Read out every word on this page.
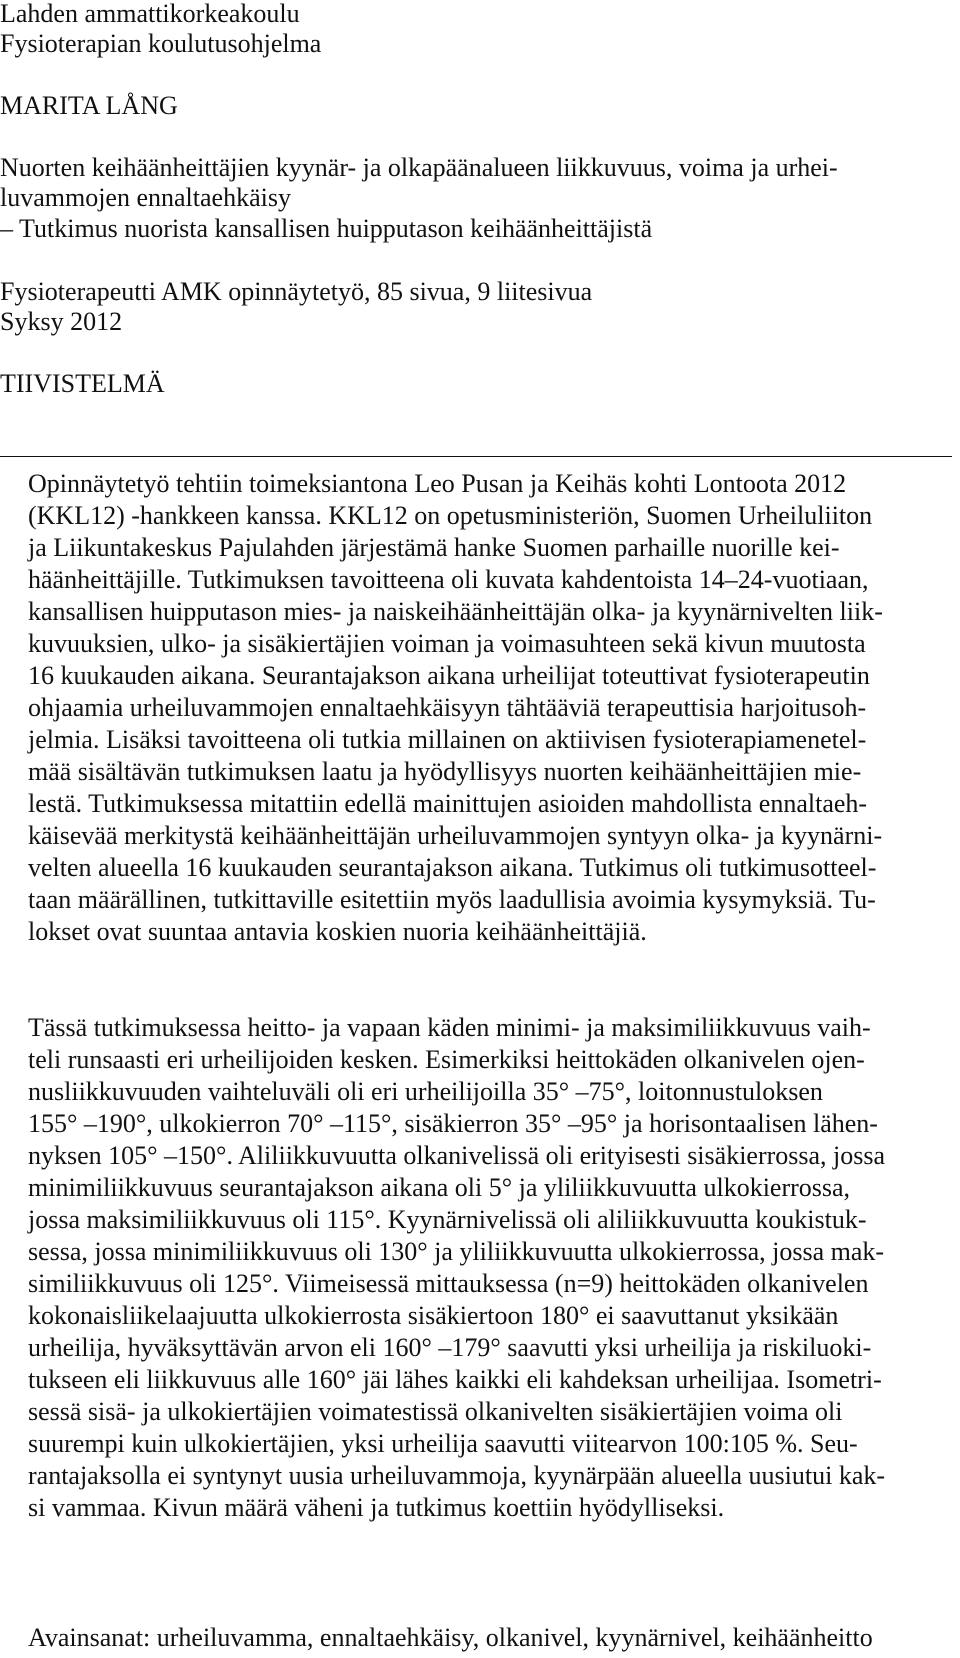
Lahden ammattikorkeakoulu
Fysioterapian koulutusohjelma
MARITA LÅNG
Nuorten keihäänheittäjien kyynär- ja olkapäänalueen liikkuvuus, voima ja urhei-
luvammojen ennaltaehkäisy
– Tutkimus nuorista kansallisen huipputason keihäänheittäjistä
Fysioterapeutti AMK opinnäytetyö, 85 sivua, 9 liitesivua
Syksy 2012
TIIVISTELMÄ
Opinnäytetyö tehtiin toimeksiantona Leo Pusan ja Keihäs kohti Lontoota 2012
(KKL12) -hankkeen kanssa. KKL12 on opetusministeriön, Suomen Urheiluliiton
ja Liikuntakeskus Pajulahden järjestämä hanke Suomen parhaille nuorille kei-
häänheittäjille. Tutkimuksen tavoitteena oli kuvata kahdentoista 14–24-vuotiaan,
kansallisen huipputason mies- ja naiskeihäänheittäjän olka- ja kyynärnivelten liik-
kuvuuksien, ulko- ja sisäkiertäjien voiman ja voimasuhteen sekä kivun muutosta
16 kuukauden aikana. Seurantajakson aikana urheilijat toteuttivat fysioterapeutin
ohjaamia urheiluvammojen ennaltaehkäisyyn tähtääviä terapeuttisia harjoitusoh-
jelmia. Lisäksi tavoitteena oli tutkia millainen on aktiivisen fysioterapiamenetel-
mää sisältävän tutkimuksen laatu ja hyödyllisyys nuorten keihäänheittäjien mie-
lestä. Tutkimuksessa mitattiin edellä mainittujen asioiden mahdollista ennaltaeh-
käisevää merkitystä keihäänheittäjän urheiluvammojen syntyyn olka- ja kyynärni-
velten alueella 16 kuukauden seurantajakson aikana. Tutkimus oli tutkimusotteel-
taan määrällinen, tutkittaville esitettiin myös laadullisia avoimia kysymyksiä. Tu-
lokset ovat suuntaa antavia koskien nuoria keihäänheittäjiä.
Tässä tutkimuksessa heitto- ja vapaan käden minimi- ja maksimiliikkuvuus vaih-
teli runsaasti eri urheilijoiden kesken. Esimerkiksi heittokäden olkanivelen ojen-
nusliikkuvuuden vaihteluväli oli eri urheilijoilla 35° –75°, loitonnustuloksen
155° –190°, ulkokierron 70° –115°, sisäkierron 35° –95° ja horisontaalisen lähen-
nyksen 105° –150°. Aliliikkuvuutta olkanivelissä oli erityisesti sisäkierrossa, jossa
minimiliikkuvuus seurantajakson aikana oli 5° ja yliliikkuvuutta ulkokierrossa,
jossa maksimiliikkuvuus oli 115°. Kyynärnivelissä oli aliliikkuvuutta koukistuk-
sessa, jossa minimiliikkuvuus oli 130° ja yliliikkuvuutta ulkokierrossa, jossa mak-
similiikkuvuus oli 125°. Viimeisessä mittauksessa (n=9) heittokäden olkanivelen
kokonaisliikelaajuutta ulkokierrosta sisäkiertoon 180° ei saavuttanut yksikään
urheilija, hyväksyttävän arvon eli 160° –179° saavutti yksi urheilija ja riskiluoki-
tukseen eli liikkuvuus alle 160° jäi lähes kaikki eli kahdeksan urheilijaa. Isometri-
sessä sisä- ja ulkokiertäjien voimatestissä olkanivelten sisäkiertäjien voima oli
suurempi kuin ulkokiertäjien, yksi urheilija saavutti viitearvon 100:105 %. Seu-
rantajaksolla ei syntynyt uusia urheiluvammoja, kyynärpään alueella uusiutui kak-
si vammaa. Kivun määrä väheni ja tutkimus koettiin hyödylliseksi.
Avainsanat: urheiluvamma, ennaltaehkäisy, olkanivel, kyynärnivel, keihäänheitto
